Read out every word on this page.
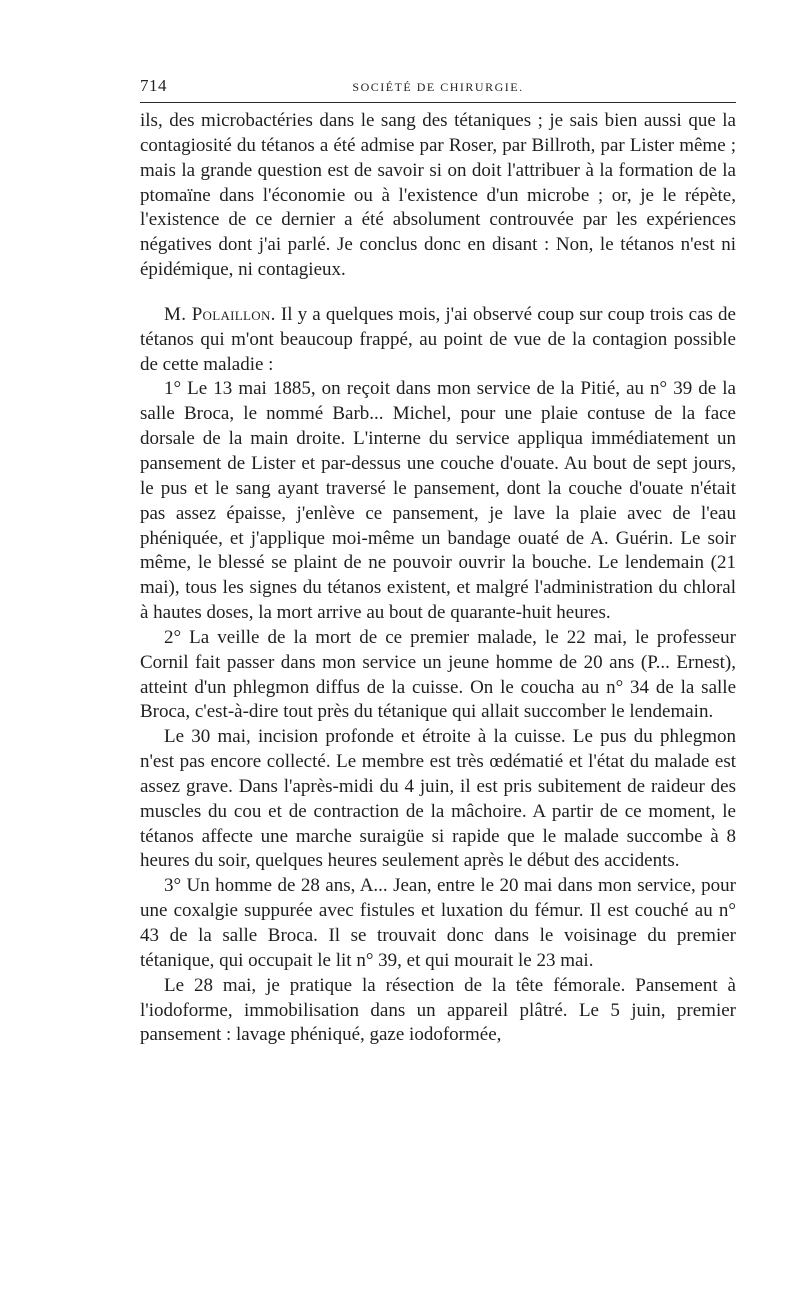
714	SOCIÉTÉ DE CHIRURGIE.

ils, des microbactéries dans le sang des tétaniques ; je sais bien aussi que la contagiosité du tétanos a été admise par Roser, par Billroth, par Lister même ; mais la grande question est de savoir si on doit l'attribuer à la formation de la ptomaïne dans l'économie ou à l'existence d'un microbe ; or, je le répète, l'existence de ce dernier a été absolument controuvée par les expériences négatives dont j'ai parlé. Je conclus donc en disant : Non, le tétanos n'est ni épidémique, ni contagieux.

M. Polaillon. Il y a quelques mois, j'ai observé coup sur coup trois cas de tétanos qui m'ont beaucoup frappé, au point de vue de la contagion possible de cette maladie :

1° Le 13 mai 1885, on reçoit dans mon service de la Pitié, au n° 39 de la salle Broca, le nommé Barb... Michel, pour une plaie contuse de la face dorsale de la main droite. L'interne du service appliqua immédiatement un pansement de Lister et par-dessus une couche d'ouate. Au bout de sept jours, le pus et le sang ayant traversé le pansement, dont la couche d'ouate n'était pas assez épaisse, j'enlève ce pansement, je lave la plaie avec de l'eau phéniquée, et j'applique moi-même un bandage ouaté de A. Guérin. Le soir même, le blessé se plaint de ne pouvoir ouvrir la bouche. Le lendemain (21 mai), tous les signes du tétanos existent, et malgré l'administration du chloral à hautes doses, la mort arrive au bout de quarante-huit heures.

2° La veille de la mort de ce premier malade, le 22 mai, le professeur Cornil fait passer dans mon service un jeune homme de 20 ans (P... Ernest), atteint d'un phlegmon diffus de la cuisse. On le coucha au n° 34 de la salle Broca, c'est-à-dire tout près du tétanique qui allait succomber le lendemain.

Le 30 mai, incision profonde et étroite à la cuisse. Le pus du phlegmon n'est pas encore collecté. Le membre est très œdématié et l'état du malade est assez grave. Dans l'après-midi du 4 juin, il est pris subitement de raideur des muscles du cou et de contraction de la mâchoire. A partir de ce moment, le tétanos affecte une marche suraigüe si rapide que le malade succombe à 8 heures du soir, quelques heures seulement après le début des accidents.

3° Un homme de 28 ans, A... Jean, entre le 20 mai dans mon service, pour une coxalgie suppurée avec fistules et luxation du fémur. Il est couché au n° 43 de la salle Broca. Il se trouvait donc dans le voisinage du premier tétanique, qui occupait le lit n° 39, et qui mourait le 23 mai.

Le 28 mai, je pratique la résection de la tête fémorale. Pansement à l'iodoforme, immobilisation dans un appareil plâtré. Le 5 juin, premier pansement : lavage phéniqué, gaze iodoformée,
